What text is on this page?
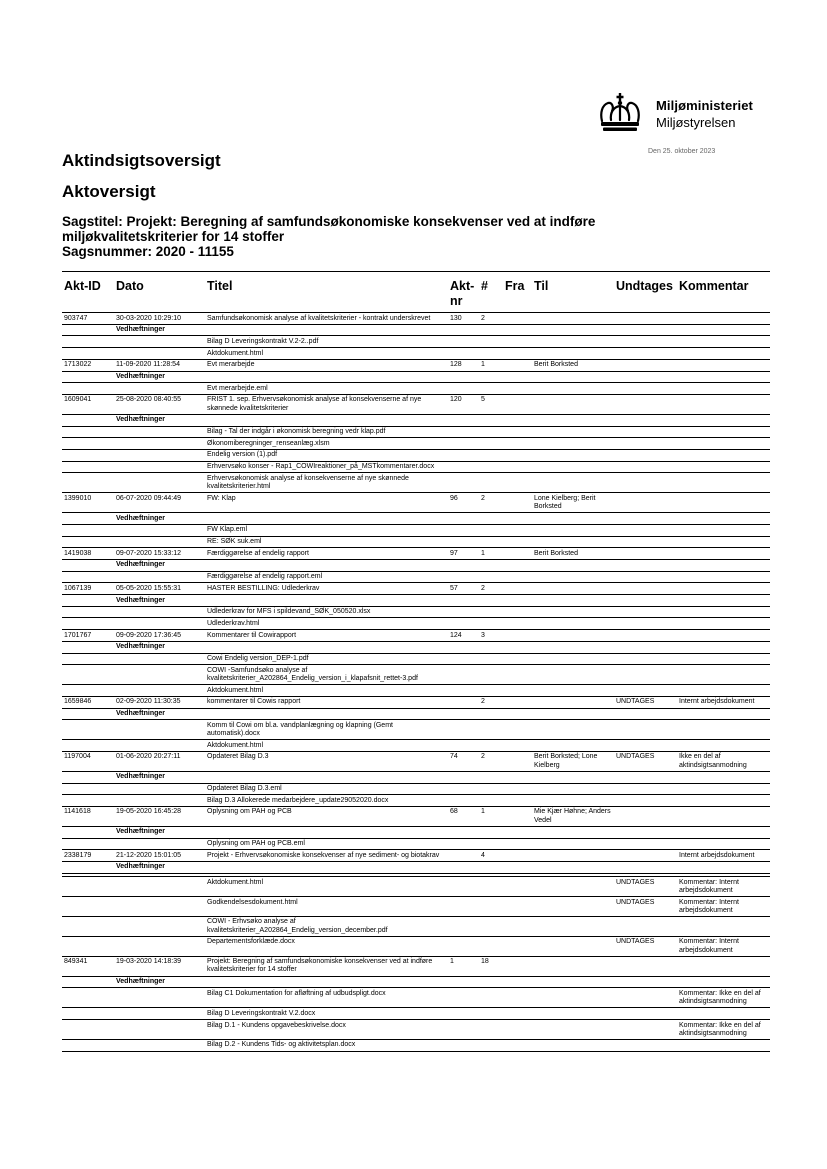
Miljøministeriet
Miljøstyrelsen
Den 25. oktober 2023
Aktindsigtsoversigt
Aktoversigt
Sagstitel: Projekt: Beregning af samfundsøkonomiske konsekvenser ved at indføre
miljøkvalitetskriterier for 14 stoffer
Sagsnummer: 2020 - 11155
Akt-ID	Dato	Titel	Akt-nr	#	Fra	Til	Undtages	Kommentar
903747	30-03-2020 10:29:10	Samfundsøkonomisk analyse af kvalitetskriterier - kontrakt underskrevet	130	2				
	Vedhæftninger							
		Bilag D Leveringskontrakt V.2-2..pdf						
		Aktdokument.html						
1713022	11-09-2020 11:28:54	Evt merarbejde	128	1		Berit Borksted		
	Vedhæftninger							
		Evt merarbejde.eml						
1609041	25-08-2020 08:40:55	FRIST 1. sep. Erhvervsøkonomisk analyse af konsekvenserne af nye skønnede kvalitetskriterier	120	5				
	Vedhæftninger							
		Bilag - Tal der indgår i økonomisk beregning vedr klap.pdf						
		Økonomiberegninger_renseanlæg.xlsm						
		Endelig version (1).pdf						
		Erhvervsøko konser - Rap1_COWIreaktioner_på_MSTkommentarer.docx						
		Erhvervsøkonomisk analyse af konsekvenserne af nye skønnede kvalitetskriterier.html						
1399010	06-07-2020 09:44:49	FW: Klap	96	2		Lone Kielberg; Berit Borksted		
	Vedhæftninger							
		FW Klap.eml						
		RE: SØK suk.eml						
1419038	09-07-2020 15:33:12	Færdiggørelse af endelig rapport	97	1		Berit Borksted		
	Vedhæftninger							
		Færdiggørelse af endelig rapport.eml						
1067139	05-05-2020 15:55:31	HASTER BESTILLING: Udlederkrav	57	2				
	Vedhæftninger							
		Udlederkrav for MFS i spildevand_SØK_050520.xlsx						
		Udlederkrav.html						
1701767	09-09-2020 17:36:45	Kommentarer til Cowirapport	124	3				
	Vedhæftninger							
		Cowi Endelig version_DEP-1.pdf						
		COWI -Samfundsøko analyse af kvalitetskriterier_A202864_Endelig_version_i_klapafsnit_rettet-3.pdf						
		Aktdokument.html						
1659846	02-09-2020 11:30:35	kommentarer til Cowis rapport		2			UNDTAGES	Internt arbejdsdokument
	Vedhæftninger							
		Komm til Cowi om bl.a. vandplanlægning og klapning (Gemt automatisk).docx						
		Aktdokument.html						
1197004	01-06-2020 20:27:11	Opdateret Bilag D.3	74	2		Berit Borksted; Lone Kielberg	UNDTAGES	Ikke en del af aktindsigtsanmodning
	Vedhæftninger							
		Opdateret Bilag D.3.eml						
		Bilag D.3 Allokerede medarbejdere_update29052020.docx						
1141618	19-05-2020 16:45:28	Oplysning om PAH og PCB	68	1		Mie Kjær Høhne; Anders Vedel		
	Vedhæftninger							
		Oplysning om PAH og PCB.eml						
2338179	21-12-2020 15:01:05	Projekt - Erhvervsøkonomiske konsekvenser af nye sediment- og biotakrav		4				Internt arbejdsdokument
	Vedhæftninger							

		Aktdokument.html					UNDTAGES	Kommentar: Internt arbejdsdokument
		Godkendelsesdokument.html					UNDTAGES	Kommentar: Internt arbejdsdokument
		COWI - Erhvsøko analyse af kvalitetskriterier_A202864_Endelig_version_december.pdf						
		Departementsforklæde.docx					UNDTAGES	Kommentar: Internt arbejdsdokument
849341	19-03-2020 14:18:39	Projekt: Beregning af samfundsøkonomiske konsekvenser ved at indføre kvalitetskriterier for 14 stoffer	1	18				
	Vedhæftninger							
		Bilag C1 Dokumentation for afløftning af udbudspligt.docx						Kommentar: Ikke en del af aktindsigtsanmodning
		Bilag D Leveringskontrakt V.2.docx						
		Bilag D.1 - Kundens opgavebeskrivelse.docx						Kommentar: Ikke en del af aktindsigtsanmodning
		Bilag D.2 - Kundens Tids- og aktivitetsplan.docx						
